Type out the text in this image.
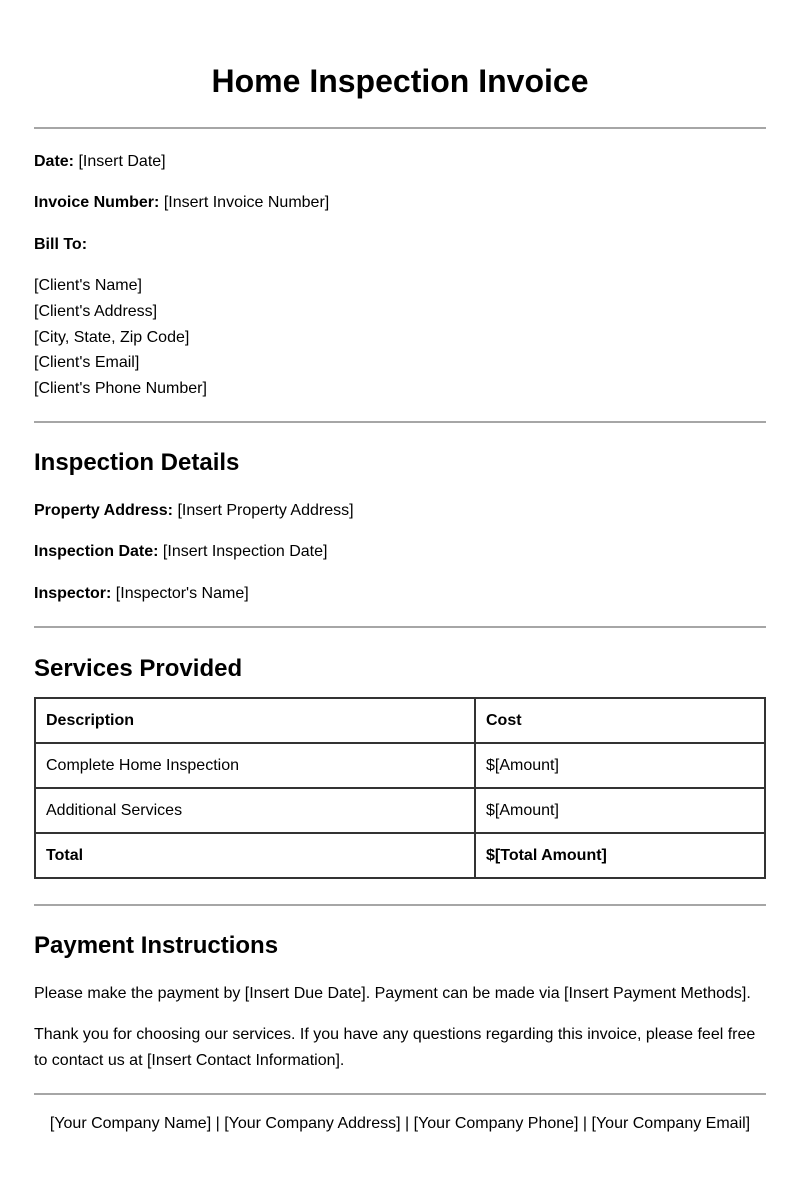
Home Inspection Invoice
Date: [Insert Date]
Invoice Number: [Insert Invoice Number]
Bill To:
[Client's Name]
[Client's Address]
[City, State, Zip Code]
[Client's Email]
[Client's Phone Number]
Inspection Details
Property Address: [Insert Property Address]
Inspection Date: [Insert Inspection Date]
Inspector: [Inspector's Name]
Services Provided
Description	Cost
Complete Home Inspection	$[Amount]
Additional Services	$[Amount]
Total	$[Total Amount]
Payment Instructions
Please make the payment by [Insert Due Date]. Payment can be made via [Insert Payment Methods].
Thank you for choosing our services. If you have any questions regarding this invoice, please feel free to contact us at [Insert Contact Information].
[Your Company Name] | [Your Company Address] | [Your Company Phone] | [Your Company Email]
